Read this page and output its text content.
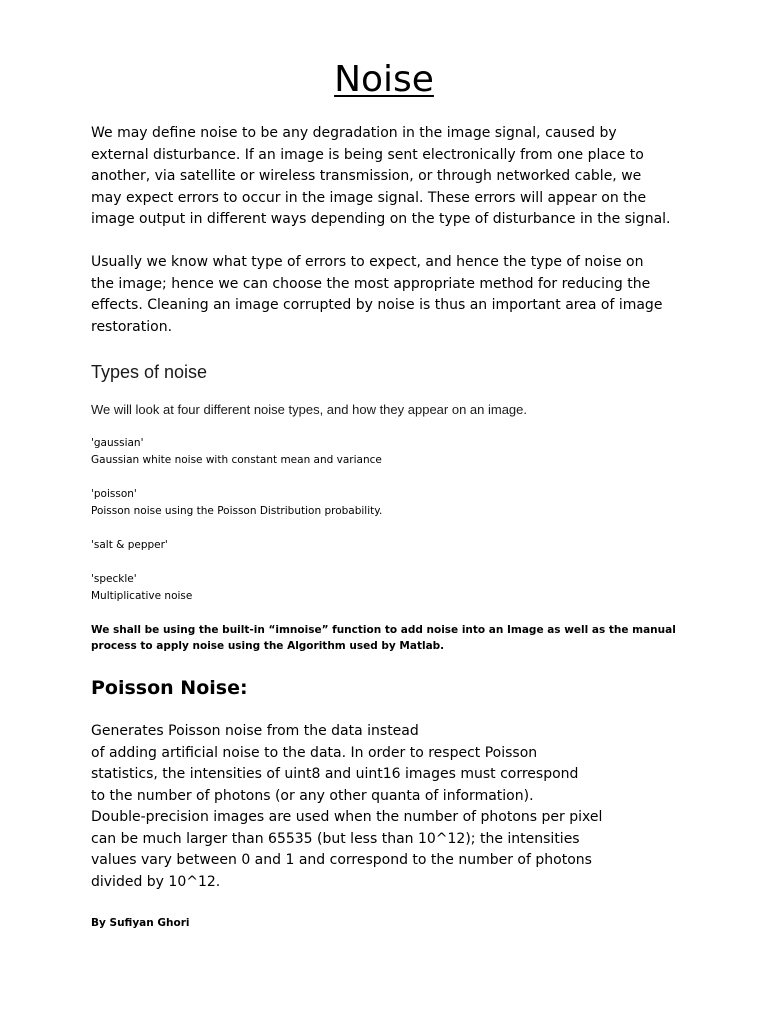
Noise
We may define noise to be any degradation in the image signal, caused by
external disturbance. If an image is being sent electronically from one place to
another, via satellite or wireless transmission, or through networked cable, we
may expect errors to occur in the image signal. These errors will appear on the
image output in different ways depending on the type of disturbance in the signal.
Usually we know what type of errors to expect, and hence the type of noise on
the image; hence we can choose the most appropriate method for reducing the
effects. Cleaning an image corrupted by noise is thus an important area of image
restoration.
Types of noise
We will look at four different noise types, and how they appear on an image.
'gaussian'
Gaussian white noise with constant mean and variance
'poisson'
Poisson noise using the Poisson Distribution probability.
'salt & pepper'
'speckle'
Multiplicative noise
We shall be using the built-in “imnoise” function to add noise into an Image as well as the manual
process to apply noise using the Algorithm used by Matlab.
Poisson Noise:
Generates Poisson noise from the data instead
of adding artificial noise to the data. In order to respect Poisson
statistics, the intensities of uint8 and uint16 images must correspond
to the number of photons (or any other quanta of information).
Double-precision images are used when the number of photons per pixel
can be much larger than 65535 (but less than 10^12); the intensities
values vary between 0 and 1 and correspond to the number of photons
divided by 10^12.
By Sufiyan Ghori
